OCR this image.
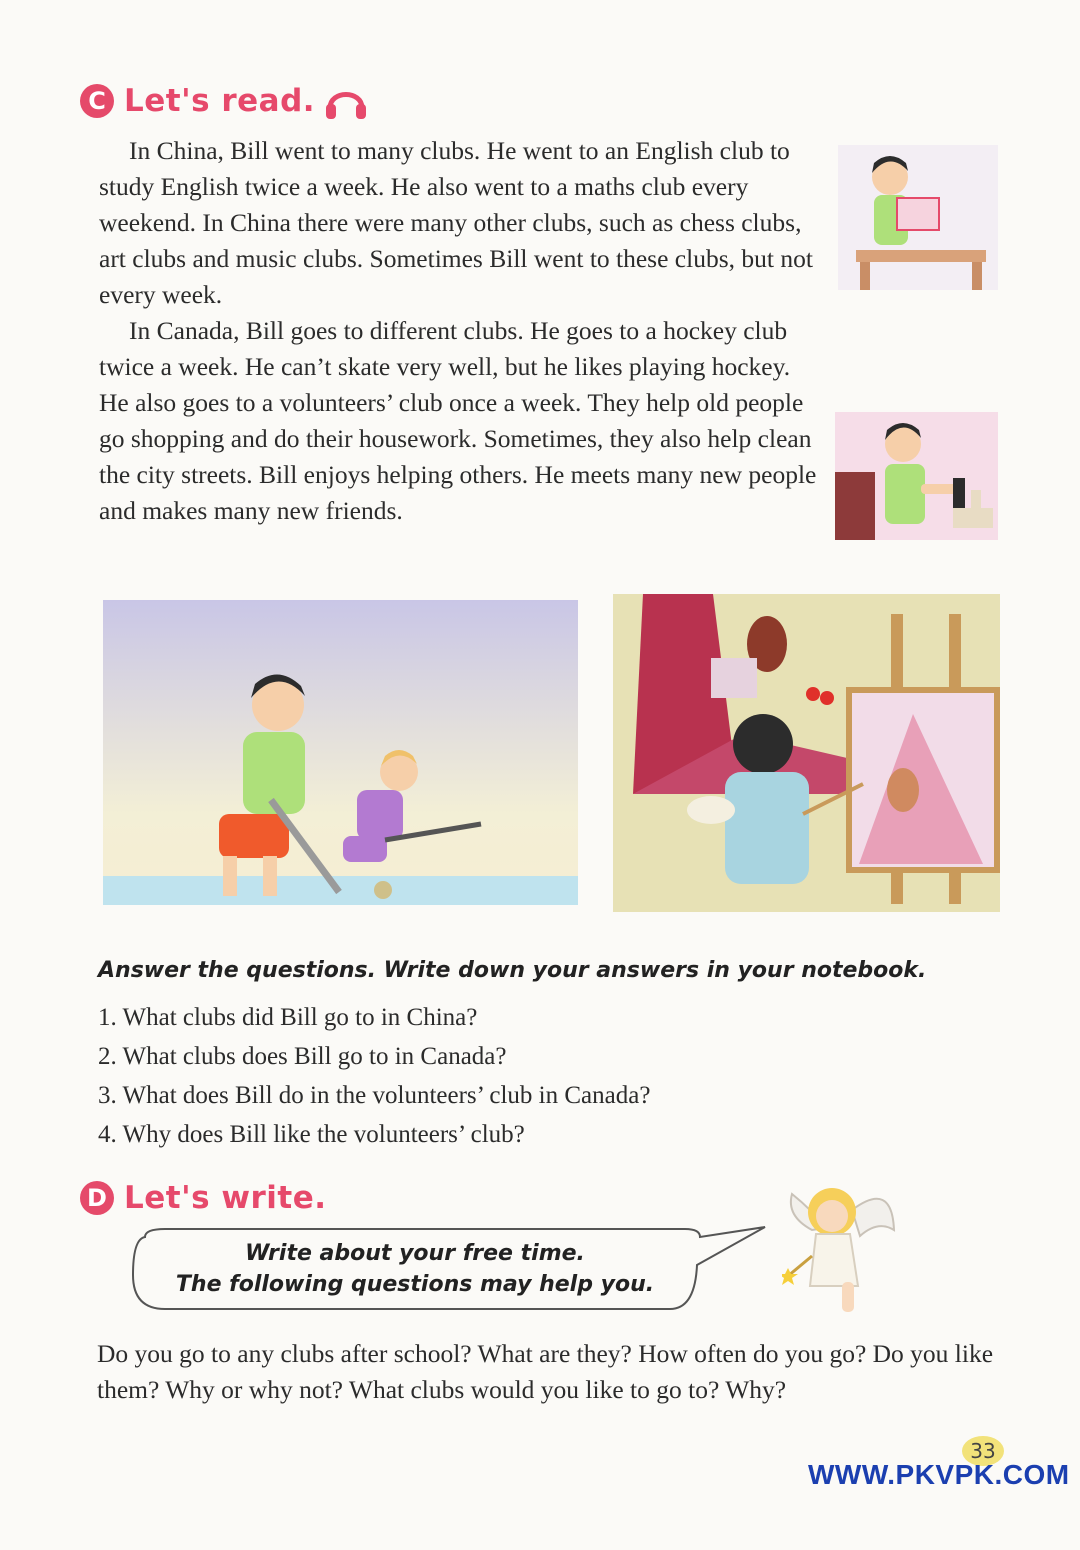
C Let's read.

In China, Bill went to many clubs. He went to an English club to study English twice a week. He also went to a maths club every weekend. In China there were many other clubs, such as chess clubs, art clubs and music clubs. Sometimes Bill went to these clubs, but not every week.

In Canada, Bill goes to different clubs. He goes to a hockey club twice a week. He can’t skate very well, but he likes playing hockey. He also goes to a volunteers’ club once a week. They help old people go shopping and do their housework. Sometimes, they also help clean the city streets. Bill enjoys helping others. He meets many new people and makes many new friends.

Answer the questions. Write down your answers in your notebook.
1. What clubs did Bill go to in China?
2. What clubs does Bill go to in Canada?
3. What does Bill do in the volunteers’ club in Canada?
4. Why does Bill like the volunteers’ club?
D Let's write.
Write about your free time.
The following questions may help you.

Do you go to any clubs after school? What are they? How often do you go? Do you like them? Why or why not? What clubs would you like to go to? Why?

33
WWW.PKVPK.COM
